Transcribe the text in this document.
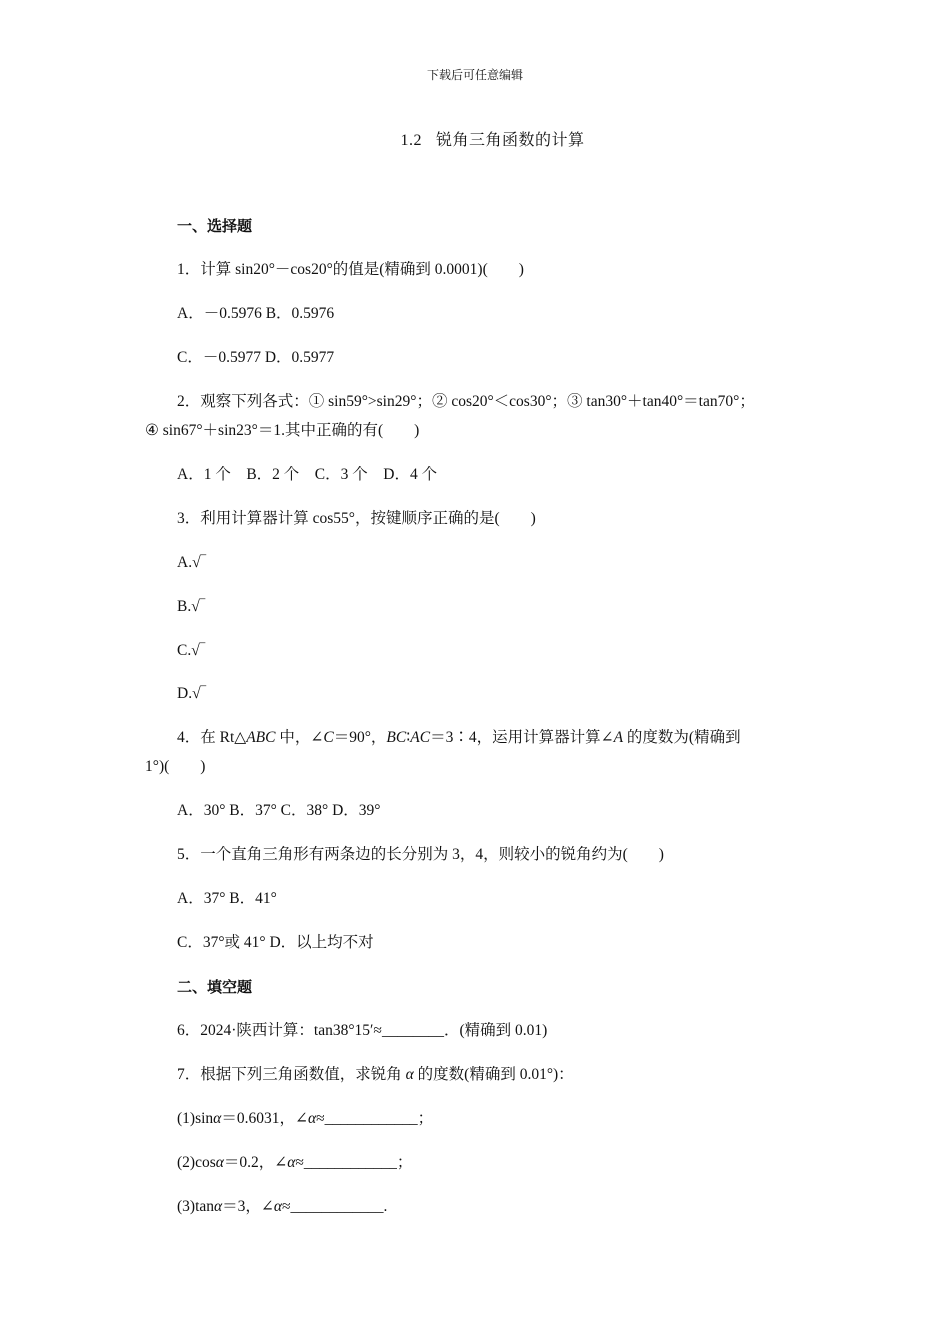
下载后可任意编辑
1.2 锐角三角函数的计算
一、选择题
1．计算 sin20°－cos20°的值是(精确到 0.0001)(　　)
A．－0.5976 B．0.5976
C．－0.5977 D．0.5977
2．观察下列各式：① sin59°>sin29°；② cos20°＜cos30°；③ tan30°＋tan40°＝tan70°；
④ sin67°＋sin23°＝1.其中正确的有(　　)
A．1 个　B．2 个　C．3 个　D．4 个
3．利用计算器计算 cos55°，按键顺序正确的是(　　)
A.√‾
B.√‾
C.√‾
D.√‾
4．在 Rt△ABC 中，∠C＝90°，BC∶AC＝3∶4，运用计算器计算∠A 的度数为(精确到
1°)(　　)
A．30° B．37° C．38° D．39°
5．一个直角三角形有两条边的长分别为 3，4，则较小的锐角约为(　　)
A．37° B．41°
C．37°或 41° D．以上均不对
二、填空题
6．2024·陕西计算：tan38°15′≈________．(精确到 0.01)
7．根据下列三角函数值，求锐角 α 的度数(精确到 0.01°)：
(1)sinα＝0.6031，∠α≈____________；
(2)cosα＝0.2，∠α≈____________；
(3)tanα＝3，∠α≈____________.
